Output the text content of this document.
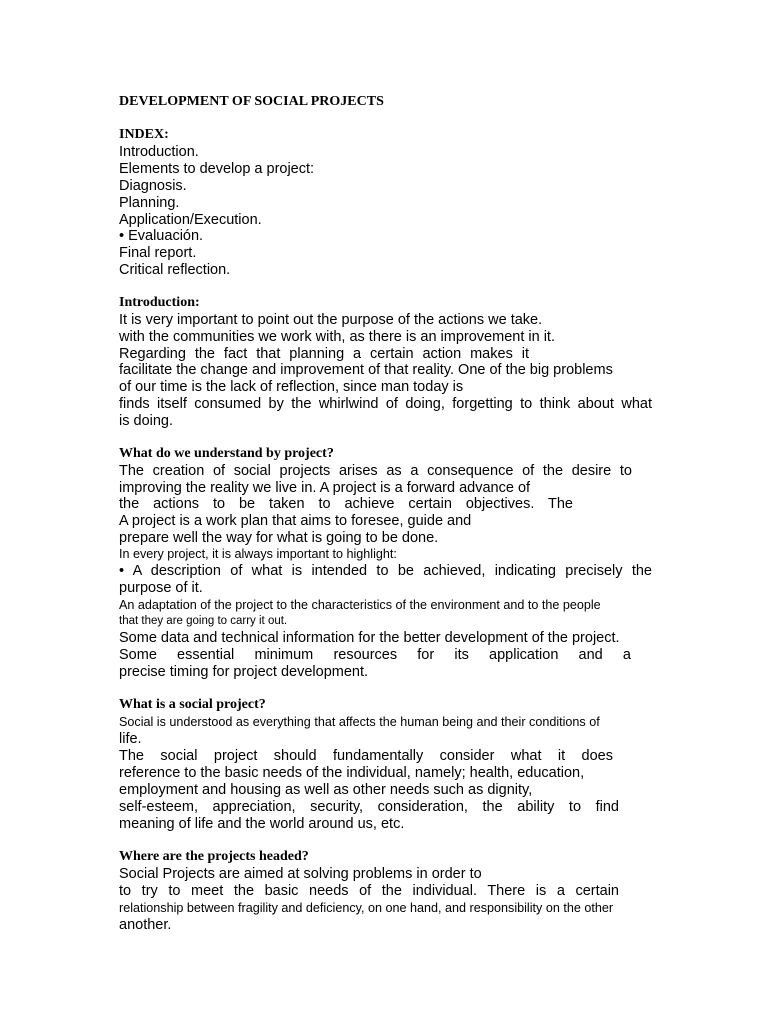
DEVELOPMENT OF SOCIAL PROJECTS
INDEX:
Introduction.
Elements to develop a project:
Diagnosis.
Planning.
Application/Execution.
• Evaluación.
Final report.
Critical reflection.
Introduction:
It is very important to point out the purpose of the actions we take.
with the communities we work with, as there is an improvement in it.
Regarding the fact that planning a certain action makes it
facilitate the change and improvement of that reality. One of the big problems
of our time is the lack of reflection, since man today is
finds itself consumed by the whirlwind of doing, forgetting to think about what
is doing.
What do we understand by project?
The creation of social projects arises as a consequence of the desire to
improving the reality we live in. A project is a forward advance of
the actions to be taken to achieve certain objectives. The
A project is a work plan that aims to foresee, guide and
prepare well the way for what is going to be done.
In every project, it is always important to highlight:
• A description of what is intended to be achieved, indicating precisely the
purpose of it.
An adaptation of the project to the characteristics of the environment and to the people
that they are going to carry it out.
Some data and technical information for the better development of the project.
Some essential minimum resources for its application and a
precise timing for project development.
What is a social project?
Social is understood as everything that affects the human being and their conditions of
life.
The social project should fundamentally consider what it does
reference to the basic needs of the individual, namely; health, education,
employment and housing as well as other needs such as dignity,
self-esteem, appreciation, security, consideration, the ability to find
meaning of life and the world around us, etc.
Where are the projects headed?
Social Projects are aimed at solving problems in order to
to try to meet the basic needs of the individual. There is a certain
relationship between fragility and deficiency, on one hand, and responsibility on the other
another.
